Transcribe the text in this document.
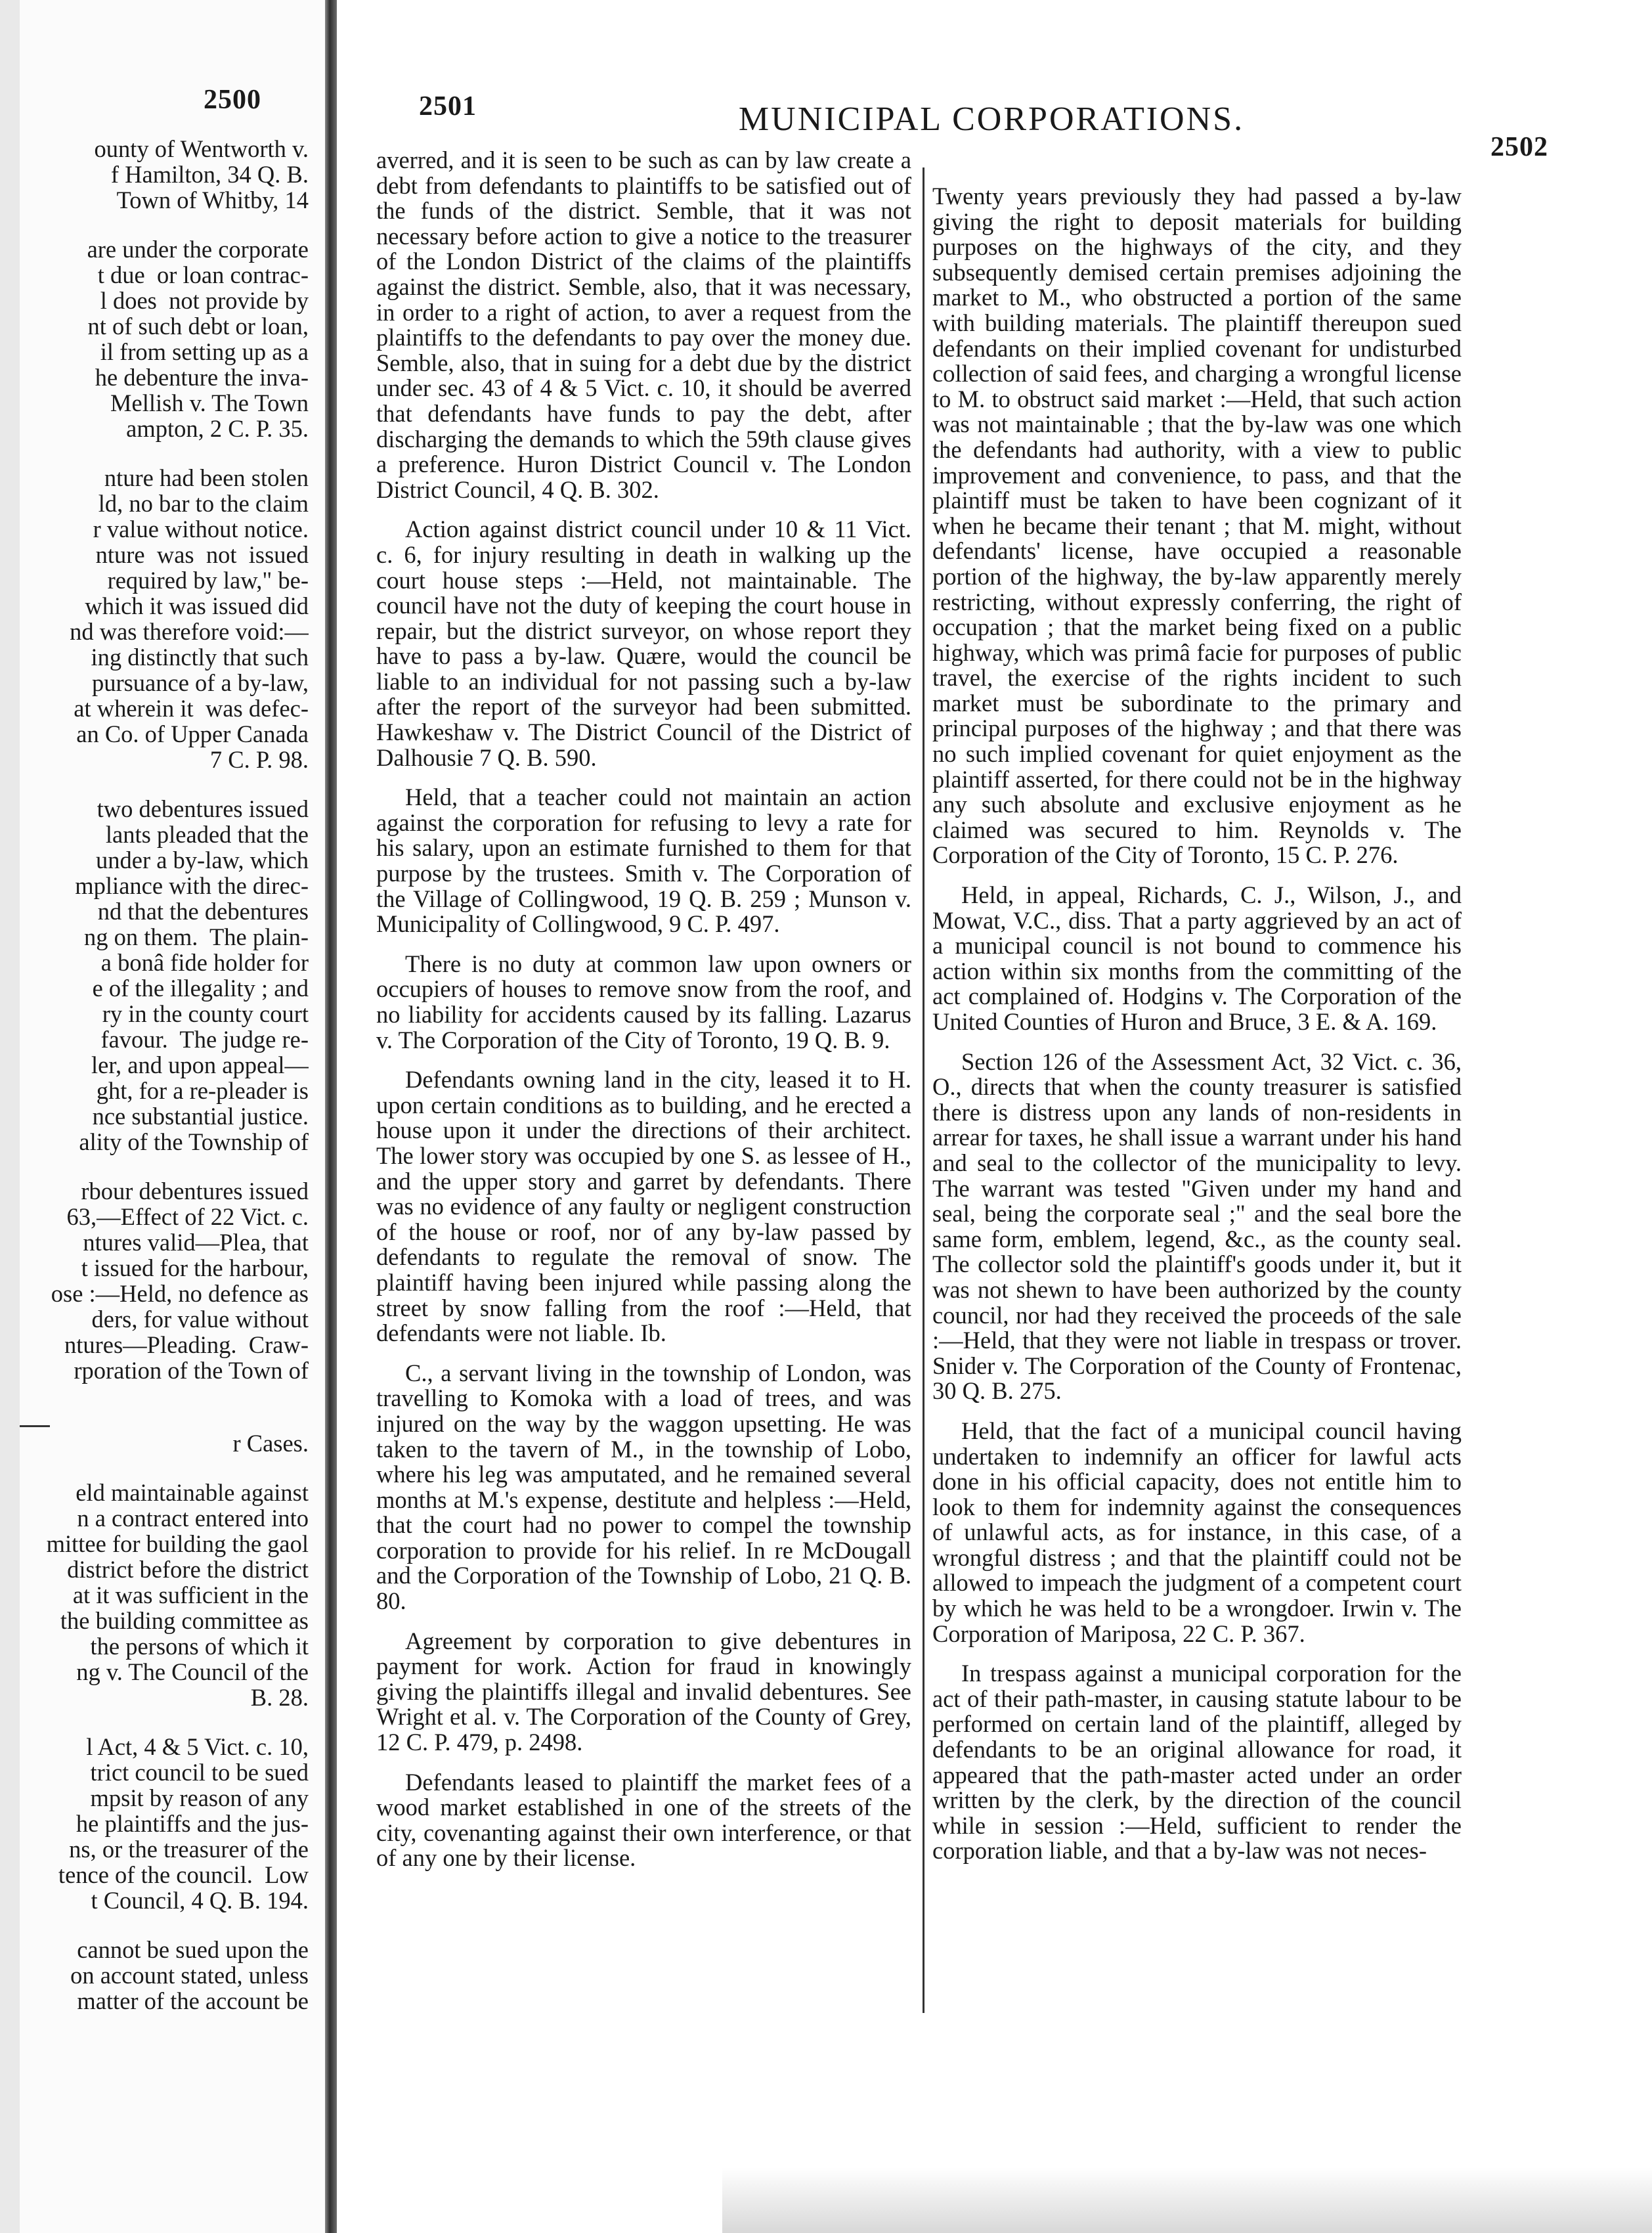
2500
ounty of Wentworth v.
f Hamilton, 34 Q. B.
Town of Whitby, 14
are under the corporate
t due  or loan contrac-
l does  not provide by
nt of such debt or loan,
il from setting up as a
he debenture the inva-
Mellish v. The Town
ampton, 2 C. P. 35.
nture had been stolen
ld, no bar to the claim
r value without notice.
nture  was  not  issued
required by law," be-
which it was issued did
nd was therefore void:—
ing distinctly that such
pursuance of a by-law,
at wherein it  was defec-
an Co. of Upper Canada
7 C. P. 98.
two debentures issued
lants pleaded that the
under a by-law, which
mpliance with the direc-
nd that the debentures
ng on them.  The plain-
a bonâ fide holder for
e of the illegality ; and
ry in the county court
favour.  The judge re-
ler, and upon appeal—
ght, for a re-pleader is
nce substantial justice.
ality of the Township of
rbour debentures issued
63,—Effect of 22 Vict. c.
ntures valid—Plea, that
t issued for the harbour,
ose :—Held, no defence as
ders, for value without
ntures—Pleading.  Craw-
rporation of the Town of
r Cases.
eld maintainable against
n a contract entered into
mittee for building the gaol
district before the district
at it was sufficient in the
the building committee as
the persons of which it
ng v. The Council of the
B. 28.
l Act, 4 & 5 Vict. c. 10,
trict council to be sued
mpsit by reason of any
he plaintiffs and the jus-
ns, or the treasurer of the
tence of the council.  Low
t Council, 4 Q. B. 194.
cannot be sued upon the
on account stated, unless
matter of the account be
2501	MUNICIPAL CORPORATIONS.
2502

averred, and it is seen to be such as can by law create a debt from defendants to plaintiffs to be satisfied out of the funds of the district. Semble, that it was not necessary before action to give a notice to the treasurer of the London District of the claims of the plaintiffs against the district. Semble, also, that it was necessary, in order to a right of action, to aver a request from the plaintiffs to the defendants to pay over the money due. Semble, also, that in suing for a debt due by the district under sec. 43 of 4 & 5 Vict. c. 10, it should be averred that defendants have funds to pay the debt, after discharging the demands to which the 59th clause gives a preference. Huron District Council v. The London District Council, 4 Q. B. 302.

Action against district council under 10 & 11 Vict. c. 6, for injury resulting in death in walking up the court house steps :—Held, not maintainable. The council have not the duty of keeping the court house in repair, but the district surveyor, on whose report they have to pass a by-law. Quære, would the council be liable to an individual for not passing such a by-law after the report of the surveyor had been submitted. Hawkeshaw v. The District Council of the District of Dalhousie 7 Q. B. 590.

Held, that a teacher could not maintain an action against the corporation for refusing to levy a rate for his salary, upon an estimate furnished to them for that purpose by the trustees. Smith v. The Corporation of the Village of Collingwood, 19 Q. B. 259 ; Munson v. Municipality of Collingwood, 9 C. P. 497.

There is no duty at common law upon owners or occupiers of houses to remove snow from the roof, and no liability for accidents caused by its falling. Lazarus v. The Corporation of the City of Toronto, 19 Q. B. 9.

Defendants owning land in the city, leased it to H. upon certain conditions as to building, and he erected a house upon it under the directions of their architect. The lower story was occupied by one S. as lessee of H., and the upper story and garret by defendants. There was no evidence of any faulty or negligent construction of the house or roof, nor of any by-law passed by defendants to regulate the removal of snow. The plaintiff having been injured while passing along the street by snow falling from the roof :—Held, that defendants were not liable. Ib.

C., a servant living in the township of London, was travelling to Komoka with a load of trees, and was injured on the way by the waggon upsetting. He was taken to the tavern of M., in the township of Lobo, where his leg was amputated, and he remained several months at M.'s expense, destitute and helpless :—Held, that the court had no power to compel the township corporation to provide for his relief. In re McDougall and the Corporation of the Township of Lobo, 21 Q. B. 80.

Agreement by corporation to give debentures in payment for work. Action for fraud in knowingly giving the plaintiffs illegal and invalid debentures. See Wright et al. v. The Corporation of the County of Grey, 12 C. P. 479, p. 2498.

Defendants leased to plaintiff the market fees of a wood market established in one of the streets of the city, covenanting against their own interference, or that of any one by their license.

Twenty years previously they had passed a by-law giving the right to deposit materials for building purposes on the highways of the city, and they subsequently demised certain premises adjoining the market to M., who obstructed a portion of the same with building materials. The plaintiff thereupon sued defendants on their implied covenant for undisturbed collection of said fees, and charging a wrongful license to M. to obstruct said market :—Held, that such action was not maintainable ; that the by-law was one which the defendants had authority, with a view to public improvement and convenience, to pass, and that the plaintiff must be taken to have been cognizant of it when he became their tenant ; that M. might, without defendants' license, have occupied a reasonable portion of the highway, the by-law apparently merely restricting, without expressly conferring, the right of occupation ; that the market being fixed on a public highway, which was primâ facie for purposes of public travel, the exercise of the rights incident to such market must be subordinate to the primary and principal purposes of the highway ; and that there was no such implied covenant for quiet enjoyment as the plaintiff asserted, for there could not be in the highway any such absolute and exclusive enjoyment as he claimed was secured to him. Reynolds v. The Corporation of the City of Toronto, 15 C. P. 276.

Held, in appeal, Richards, C. J., Wilson, J., and Mowat, V.C., diss. That a party aggrieved by an act of a municipal council is not bound to commence his action within six months from the committing of the act complained of. Hodgins v. The Corporation of the United Counties of Huron and Bruce, 3 E. & A. 169.

Section 126 of the Assessment Act, 32 Vict. c. 36, O., directs that when the county treasurer is satisfied there is distress upon any lands of non-residents in arrear for taxes, he shall issue a warrant under his hand and seal to the collector of the municipality to levy. The warrant was tested "Given under my hand and seal, being the corporate seal ;" and the seal bore the same form, emblem, legend, &c., as the county seal. The collector sold the plaintiff's goods under it, but it was not shewn to have been authorized by the county council, nor had they received the proceeds of the sale :—Held, that they were not liable in trespass or trover. Snider v. The Corporation of the County of Frontenac, 30 Q. B. 275.

Held, that the fact of a municipal council having undertaken to indemnify an officer for lawful acts done in his official capacity, does not entitle him to look to them for indemnity against the consequences of unlawful acts, as for instance, in this case, of a wrongful distress ; and that the plaintiff could not be allowed to impeach the judgment of a competent court by which he was held to be a wrongdoer. Irwin v. The Corporation of Mariposa, 22 C. P. 367.

In trespass against a municipal corporation for the act of their path-master, in causing statute labour to be performed on certain land of the plaintiff, alleged by defendants to be an original allowance for road, it appeared that the path-master acted under an order written by the clerk, by the direction of the council while in session :—Held, sufficient to render the corporation liable, and that a by-law was not neces-
